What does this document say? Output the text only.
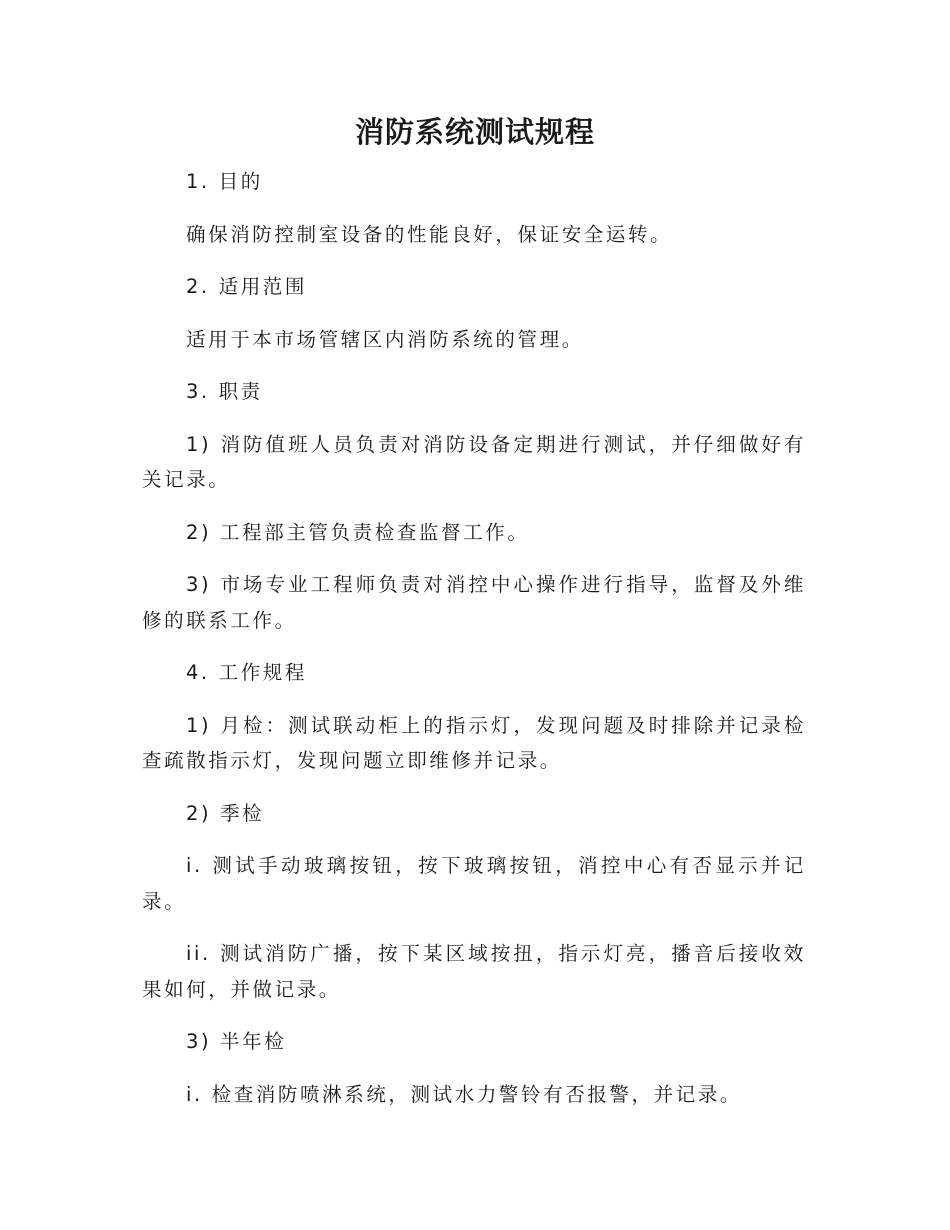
消防系统测试规程

1. 目的

确保消防控制室设备的性能良好，保证安全运转。

2. 适用范围

适用于本市场管辖区内消防系统的管理。

3. 职责

1) 消防值班人员负责对消防设备定期进行测试，并仔细做好有关记录。

2) 工程部主管负责检查监督工作。

3) 市场专业工程师负责对消控中心操作进行指导，监督及外维修的联系工作。

4. 工作规程

1) 月检：测试联动柜上的指示灯，发现问题及时排除并记录检查疏散指示灯，发现问题立即维修并记录。

2) 季检

i. 测试手动玻璃按钮，按下玻璃按钮，消控中心有否显示并记录。

ii. 测试消防广播，按下某区域按扭，指示灯亮，播音后接收效果如何，并做记录。

3) 半年检

i. 检查消防喷淋系统，测试水力警铃有否报警，并记录。
